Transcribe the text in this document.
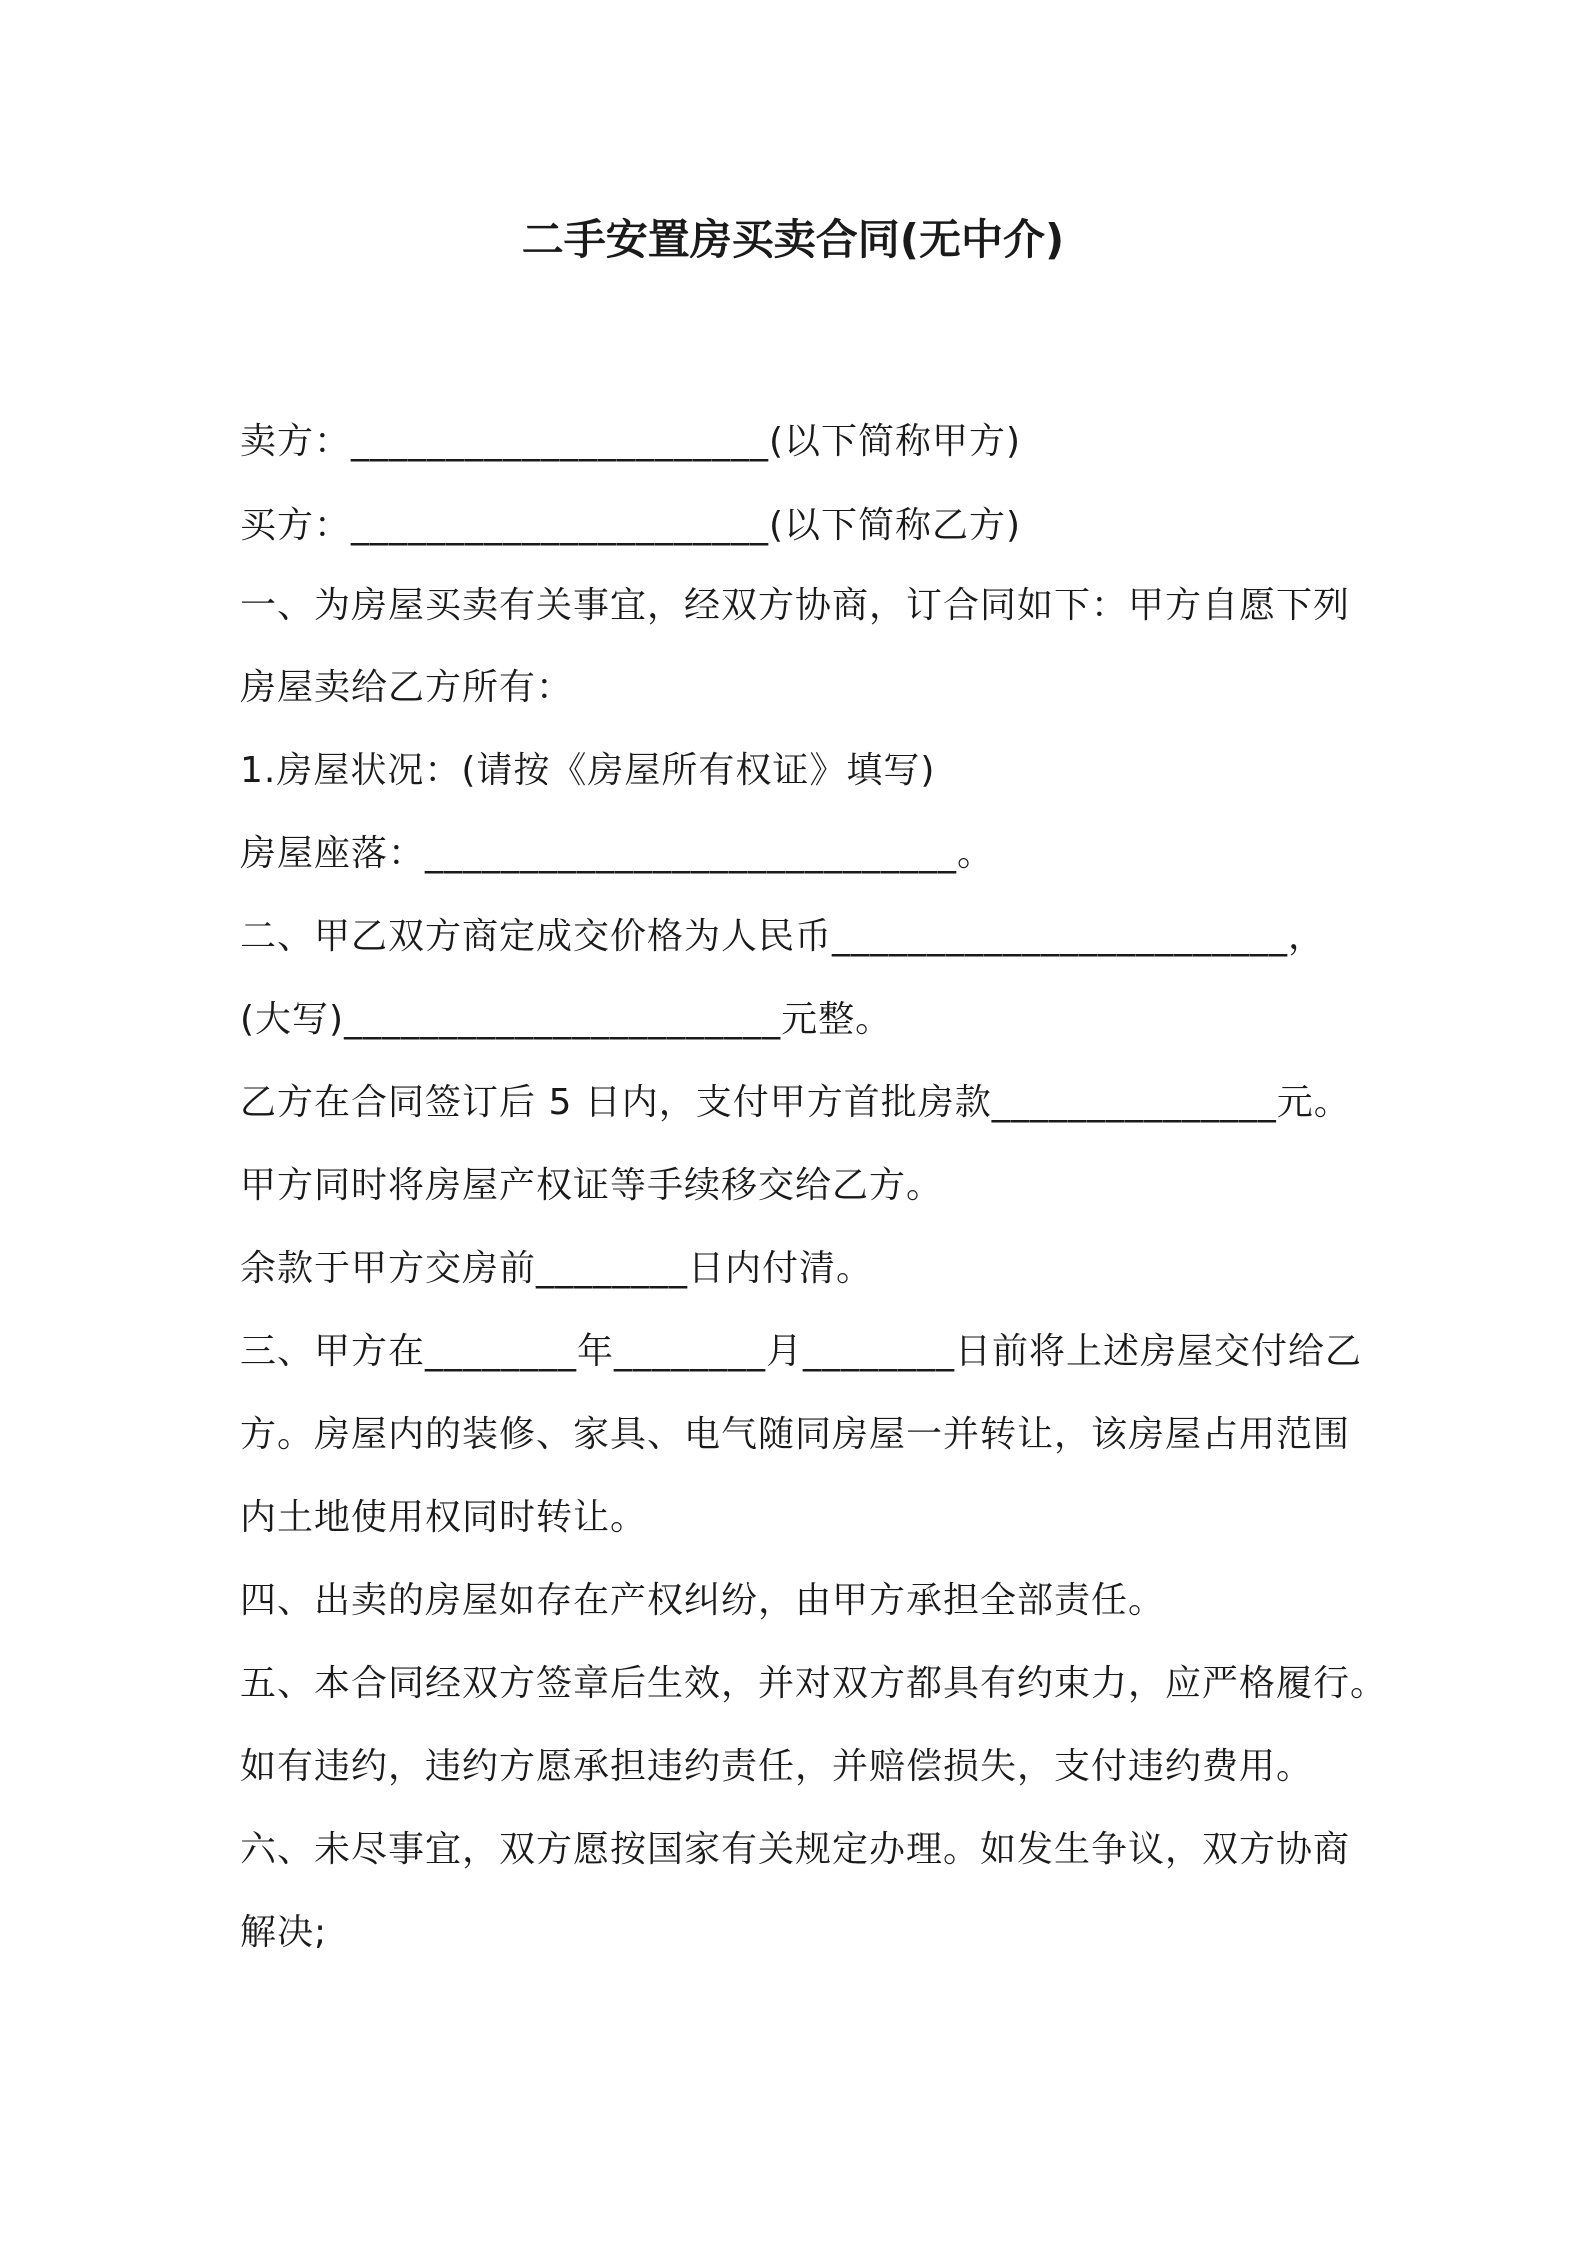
二手安置房买卖合同(无中介)
卖方：______________________(以下简称甲方)
买方：______________________(以下简称乙方)
一、为房屋买卖有关事宜，经双方协商，订合同如下：甲方自愿下列
房屋卖给乙方所有：
1.房屋状况：(请按《房屋所有权证》填写)
房屋座落：____________________________。
二、甲乙双方商定成交价格为人民币________________________，
(大写)_______________________元整。
乙方在合同签订后 5 日内，支付甲方首批房款_______________元。
甲方同时将房屋产权证等手续移交给乙方。
余款于甲方交房前________日内付清。
三、甲方在________年________月________日前将上述房屋交付给乙
方。房屋内的装修、家具、电气随同房屋一并转让，该房屋占用范围
内土地使用权同时转让。
四、出卖的房屋如存在产权纠纷，由甲方承担全部责任。
五、本合同经双方签章后生效，并对双方都具有约束力，应严格履行。
如有违约，违约方愿承担违约责任，并赔偿损失，支付违约费用。
六、未尽事宜，双方愿按国家有关规定办理。如发生争议，双方协商
解决;
